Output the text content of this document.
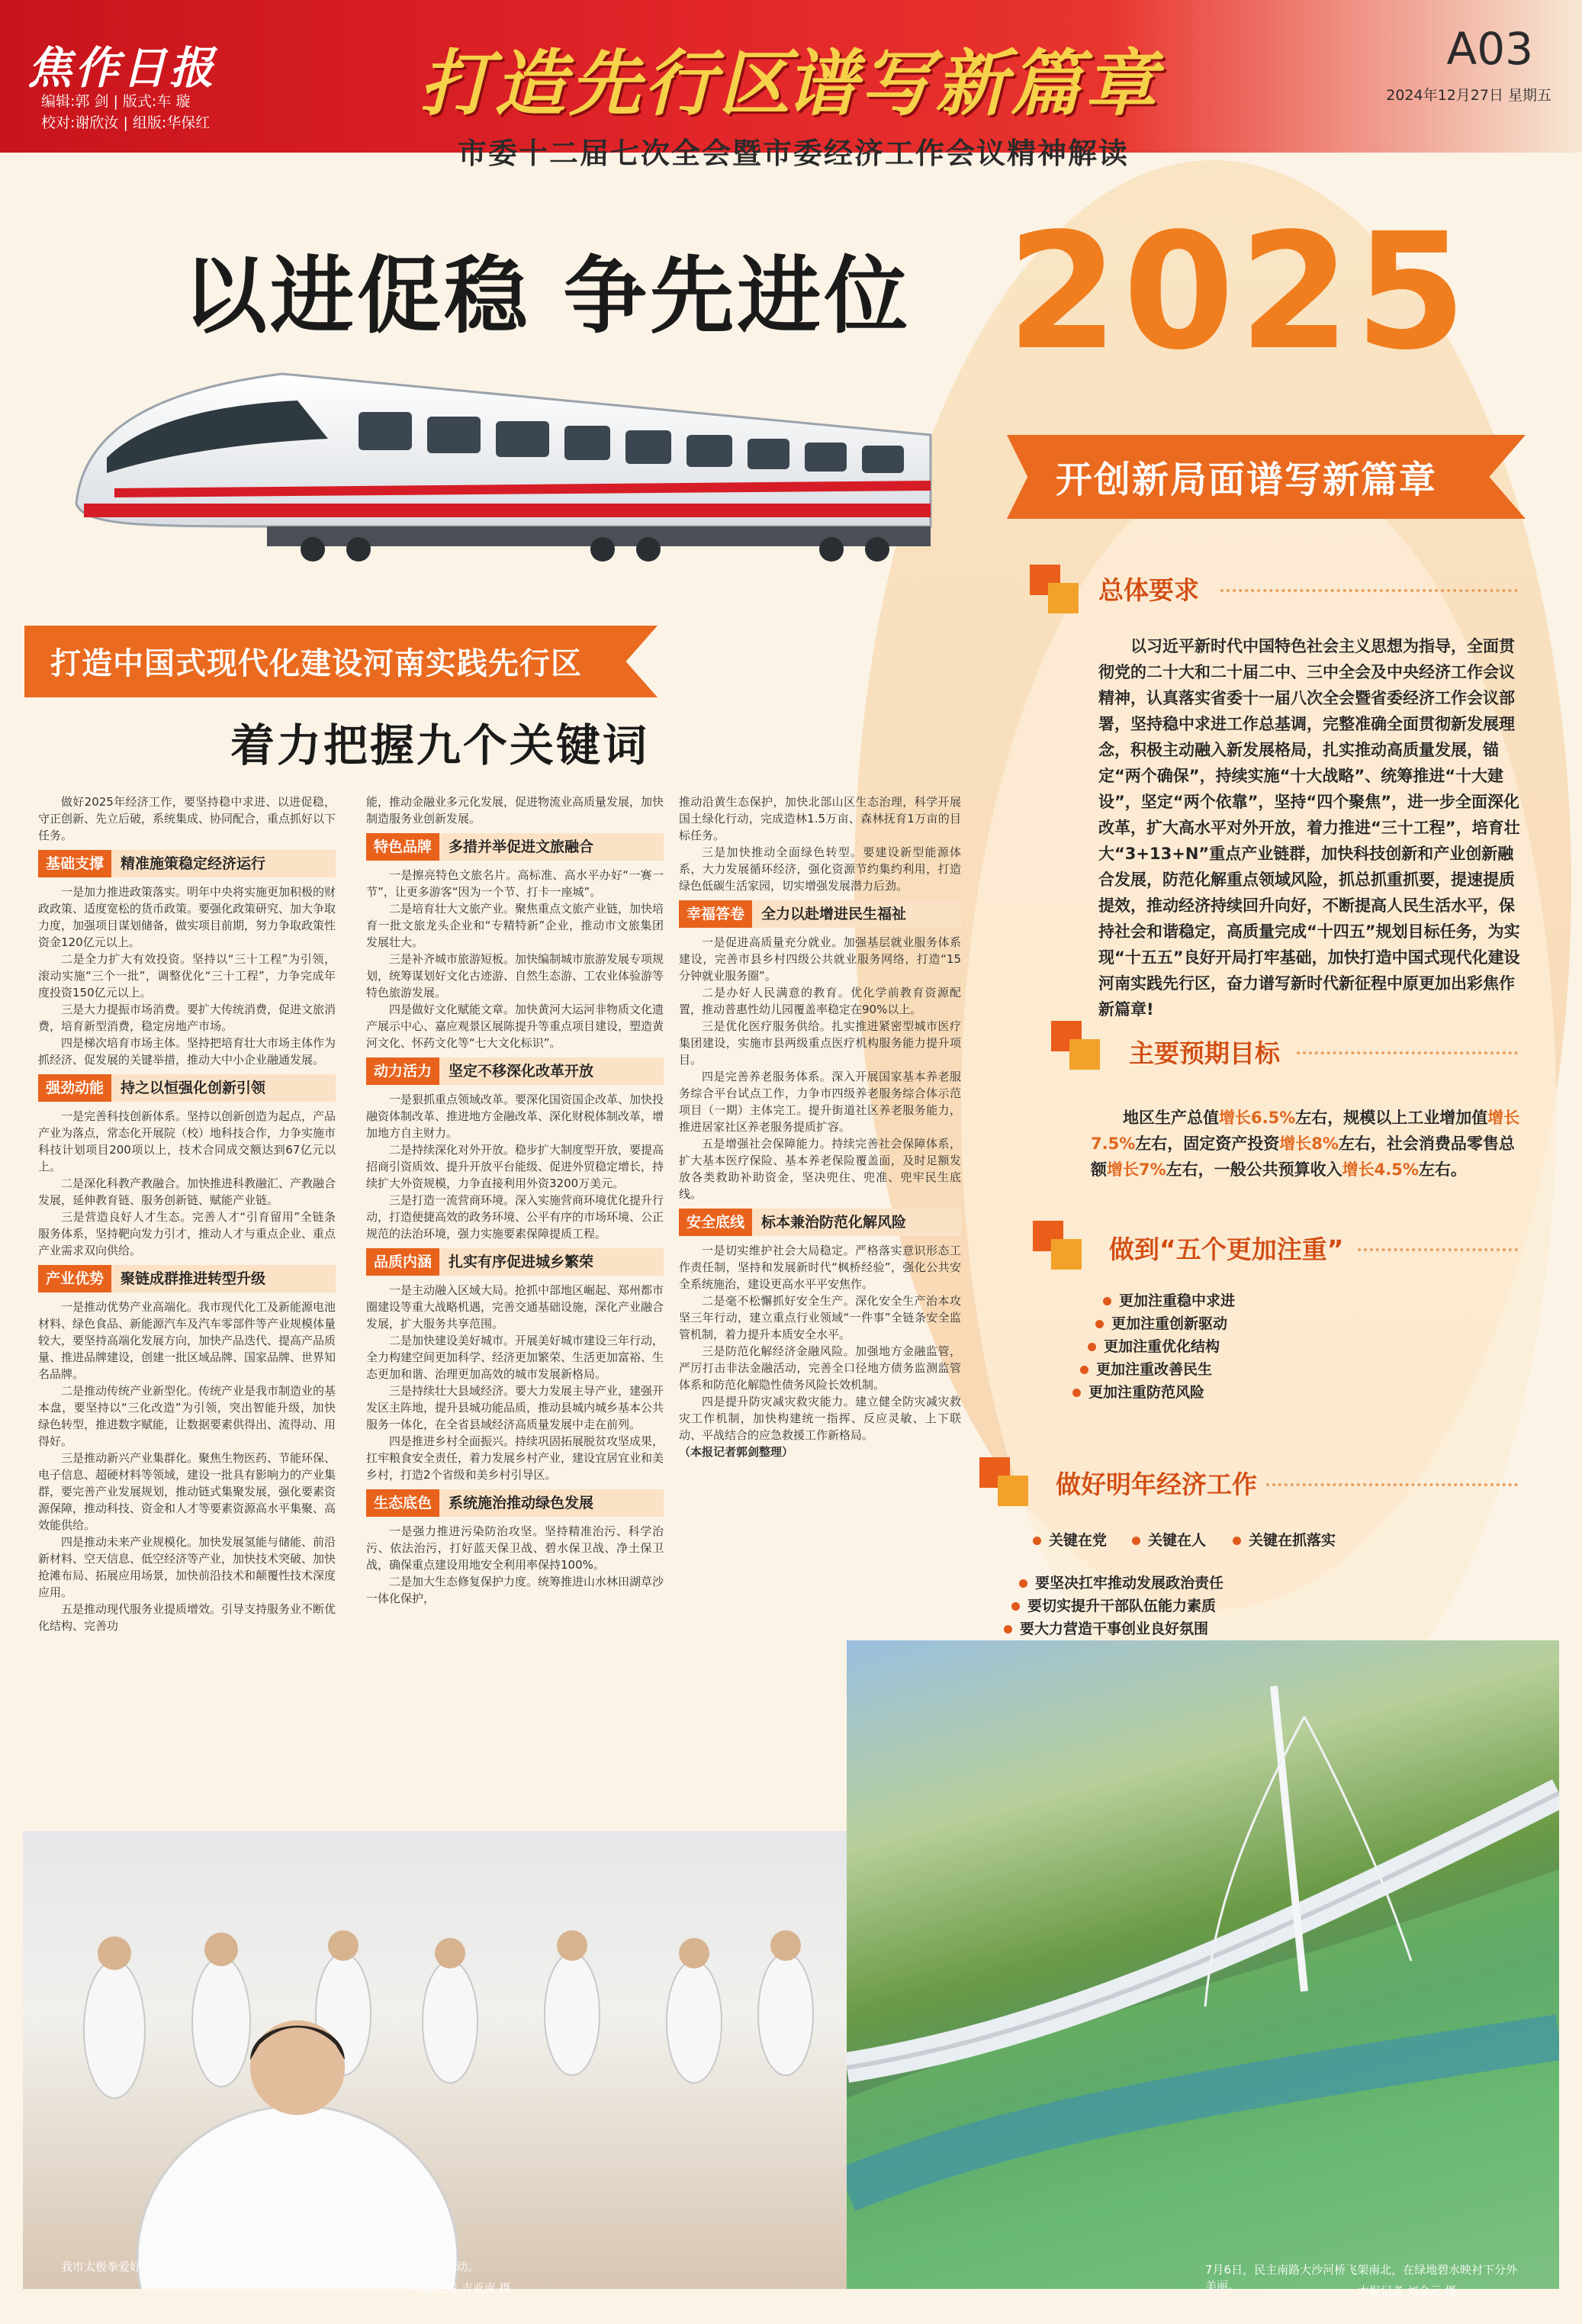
焦作日报
编辑:郭 剑 | 版式:车 璇
校对:谢欣汝 | 组版:华保红	打造先行区
谱写新篇章	A03
2024年12月27日 星期五
市委十二届七次全会暨市委经济工作会议精神解读
以进促稳 争先进位 2025
开创新局面谱写新篇章
总体要求
以习近平新时代中国特色社会主义思想为指导，全面贯彻党的二十大和二十届二中、三中全会及中央经济工作会议精神，认真落实省委十一届八次全会暨省委经济工作会议部署，坚持稳中求进工作总基调，完整准确全面贯彻新发展理念，积极主动融入新发展格局，扎实推动高质量发展，锚定“两个确保”，持续实施“十大战略”、统筹推进“十大建设”，坚定“两个依靠”，坚持“四个聚焦”，进一步全面深化改革，扩大高水平对外开放，着力推进“三十工程”，培育壮大“3+13+N”重点产业链群，加快科技创新和产业创新融合发展，防范化解重点领域风险，抓总抓重抓要，提速提质提效，推动经济持续回升向好，不断提高人民生活水平，保持社会和谐稳定，高质量完成“十四五”规划目标任务，为实现“十五五”良好开局打牢基础，加快打造中国式现代化建设河南实践先行区，奋力谱写新时代新征程中原更加出彩焦作新篇章!
主要预期目标
地区生产总值增长6.5%左右，规模以上工业增加值增长7.5%左右，固定资产投资增长8%左右，社会消费品零售总额增长7%左右，一般公共预算收入增长4.5%左右。
做到“五个更加注重”
更加注重稳中求进
更加注重创新驱动
更加注重优化结构
更加注重改善民生
更加注重防范风险
做好明年经济工作
关键在党	关键在人	关键在抓落实
要坚决扛牢推动发展政治责任
要切实提升干部队伍能力素质
要大力营造干事创业良好氛围
打造中国式现代化建设河南实践先行区
着力把握九个关键词

做好2025年经济工作，要坚持稳中求进、以进促稳，守正创新、先立后破，系统集成、协同配合，重点抓好以下任务。

基础支撑	精准施策稳定经济运行

一是加力推进政策落实。明年中央将实施更加积极的财政政策、适度宽松的货币政策。要强化政策研究、加大争取力度，加强项目谋划储备，做实项目前期，努力争取政策性资金120亿元以上。

二是全力扩大有效投资。坚持以“三十工程”为引领，滚动实施“三个一批”，调整优化“三十工程”，力争完成年度投资150亿元以上。

三是大力提振市场消费。要扩大传统消费，促进文旅消费，培育新型消费，稳定房地产市场。

四是梯次培育市场主体。坚持把培育壮大市场主体作为抓经济、促发展的关键举措，推动大中小企业融通发展。

强劲动能	持之以恒强化创新引领

一是完善科技创新体系。坚持以创新创造为起点，产品产业为落点，常态化开展院（校）地科技合作，力争实施市科技计划项目200项以上，技术合同成交额达到67亿元以上。

二是深化科教产教融合。加快推进科教融汇、产教融合发展，延伸教育链、服务创新链、赋能产业链。

三是营造良好人才生态。完善人才“引育留用”全链条服务体系，坚持靶向发力引才，推动人才与重点企业、重点产业需求双向供给。

产业优势	聚链成群推进转型升级

一是推动优势产业高端化。我市现代化工及新能源电池材料、绿色食品、新能源汽车及汽车零部件等产业规模体量较大，要坚持高端化发展方向，加快产品迭代、提高产品质量、推进品牌建设，创建一批区域品牌、国家品牌、世界知名品牌。

二是推动传统产业新型化。传统产业是我市制造业的基本盘，要坚持以“三化改造”为引领，突出智能升级，加快绿色转型，推进数字赋能，让数据要素供得出、流得动、用得好。

三是推动新兴产业集群化。聚焦生物医药、节能环保、电子信息、超硬材料等领域，建设一批具有影响力的产业集群，要完善产业发展规划，推动链式集聚发展，强化要素资源保障，推动科技、资金和人才等要素资源高水平集聚、高效能供给。

四是推动未来产业规模化。加快发展氢能与储能、前沿新材料、空天信息、低空经济等产业，加快技术突破、加快抢滩布局、拓展应用场景，加快前沿技术和颠覆性技术深度应用。

五是推动现代服务业提质增效。引导支持服务业不断优化结构、完善功

能，推动金融业多元化发展，促进物流业高质量发展，加快制造服务业创新发展。

特色品牌	多措并举促进文旅融合

一是擦亮特色文旅名片。高标准、高水平办好“一赛一节”，让更多游客“因为一个节、打卡一座城”。

二是培育壮大文旅产业。聚焦重点文旅产业链，加快培育一批文旅龙头企业和“专精特新”企业，推动市文旅集团发展壮大。

三是补齐城市旅游短板。加快编制城市旅游发展专项规划，统筹谋划好文化古迹游、自然生态游、工农业体验游等特色旅游发展。

四是做好文化赋能文章。加快黄河大运河非物质文化遗产展示中心、嘉应观景区展陈提升等重点项目建设，塑造黄河文化、怀药文化等“七大文化标识”。

动力活力	坚定不移深化改革开放

一是狠抓重点领域改革。要深化国资国企改革、加快投融资体制改革、推进地方金融改革、深化财税体制改革，增加地方自主财力。

二是持续深化对外开放。稳步扩大制度型开放，要提高招商引资质效、提升开放平台能级、促进外贸稳定增长，持续扩大外资规模，力争直接利用外资3200万美元。

三是打造一流营商环境。深入实施营商环境优化提升行动，打造便捷高效的政务环境、公平有序的市场环境、公正规范的法治环境，强力实施要素保障提质工程。

品质内涵	扎实有序促进城乡繁荣

一是主动融入区域大局。抢抓中部地区崛起、郑州都市圈建设等重大战略机遇，完善交通基础设施，深化产业融合发展，扩大服务共享范围。

二是加快建设美好城市。开展美好城市建设三年行动，全力构建空间更加科学、经济更加繁荣、生活更加富裕、生态更加和谐、治理更加高效的城市发展新格局。

三是持续壮大县域经济。要大力发展主导产业，建强开发区主阵地，提升县城功能品质，推动县城内城乡基本公共服务一体化，在全省县域经济高质量发展中走在前列。

四是推进乡村全面振兴。持续巩固拓展脱贫攻坚成果，扛牢粮食安全责任，着力发展乡村产业，建设宜居宜业和美乡村，打造2个省级和美乡村引导区。

生态底色	系统施治推动绿色发展

一是强力推进污染防治攻坚。坚持精准治污、科学治污、依法治污，打好蓝天保卫战、碧水保卫战、净土保卫战，确保重点建设用地安全利用率保持100%。

二是加大生态修复保护力度。统筹推进山水林田湖草沙一体化保护，

推动沿黄生态保护，加快北部山区生态治理，科学开展国土绿化行动，完成造林1.5万亩、森林抚育1万亩的目标任务。

三是加快推动全面绿色转型。要建设新型能源体系，大力发展循环经济，强化资源节约集约利用，打造绿色低碳生活家园，切实增强发展潜力后劲。

幸福答卷	全力以赴增进民生福祉

一是促进高质量充分就业。加强基层就业服务体系建设，完善市县乡村四级公共就业服务网络，打造“15分钟就业服务圈”。

二是办好人民满意的教育。优化学前教育资源配置，推动普惠性幼儿园覆盖率稳定在90%以上。

三是优化医疗服务供给。扎实推进紧密型城市医疗集团建设，实施市县两级重点医疗机构服务能力提升项目。

四是完善养老服务体系。深入开展国家基本养老服务综合平台试点工作，力争市四级养老服务综合体示范项目（一期）主体完工。提升街道社区养老服务能力，推进居家社区养老服务提质扩容。

五是增强社会保障能力。持续完善社会保障体系，扩大基本医疗保险、基本养老保险覆盖面，及时足额发放各类救助补助资金，坚决兜住、兜准、兜牢民生底线。

安全底线	标本兼治防范化解风险

一是切实维护社会大局稳定。严格落实意识形态工作责任制，坚持和发展新时代“枫桥经验”，强化公共安全系统施治，建设更高水平平安焦作。

二是毫不松懈抓好安全生产。深化安全生产治本攻坚三年行动，建立重点行业领域“一件事”全链条安全监管机制，着力提升本质安全水平。

三是防范化解经济金融风险。加强地方金融监管，严厉打击非法金融活动，完善全口径地方债务监测监管体系和防范化解隐性债务风险长效机制。

四是提升防灾减灾救灾能力。建立健全防灾减灾救灾工作机制，加快构建统一指挥、反应灵敏、上下联动、平战结合的应急救援工作新格局。

（本报记者郭剑整理）

我市太极拳爱好者参加2024年全国老年人太极拳健身大联动（焦作分会场）活动。
本报记者 吉亚南 摄
7月6日，民主南路大沙河桥飞架南北，在绿地碧水映衬下分外美丽。	本报记者 刘金元 摄
